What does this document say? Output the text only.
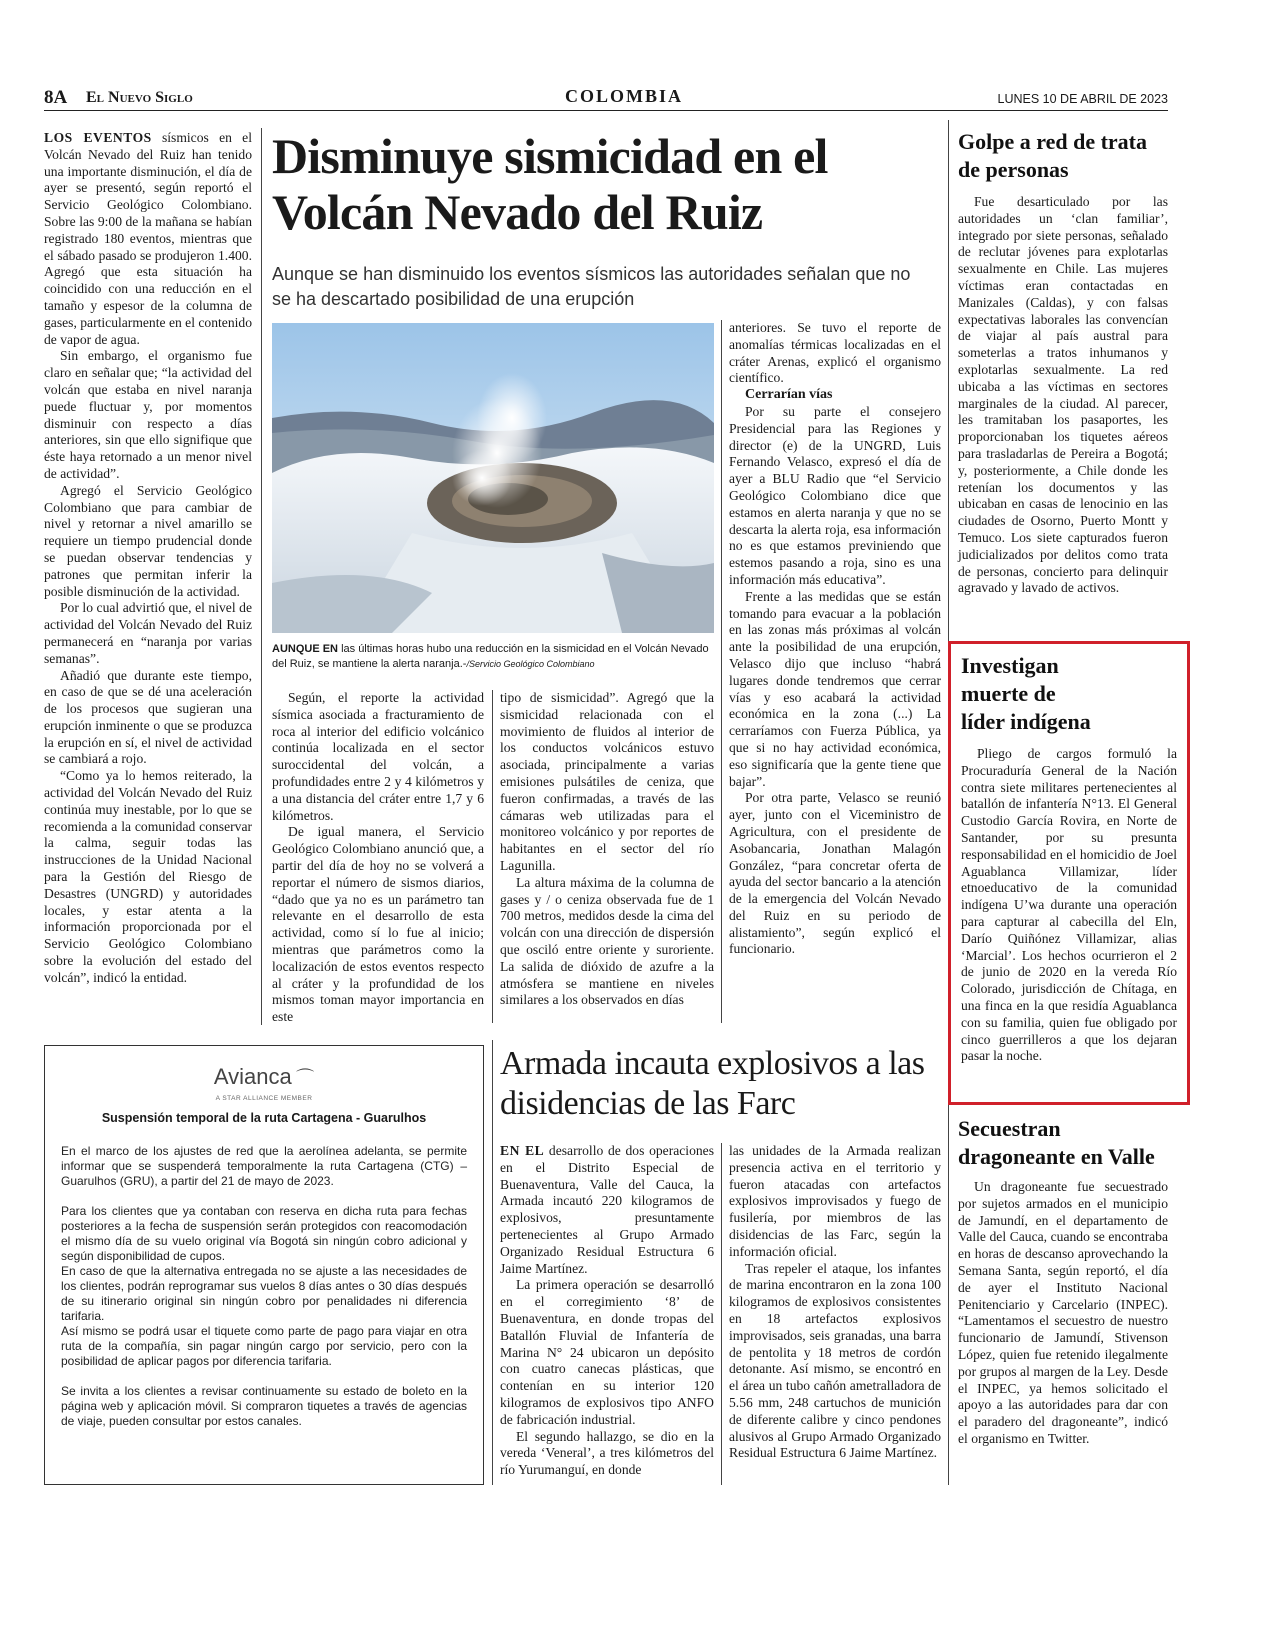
8A El Nuevo Siglo	COLOMBIA	LUNES 10 DE ABRIL DE 2023

LOS EVENTOS sísmicos en el Volcán Nevado del Ruiz han tenido una importante disminución, el día de ayer se presentó, según reportó el Servicio Geológico Colombiano. Sobre las 9:00 de la mañana se habían registrado 180 eventos, mientras que el sábado pasado se produjeron 1.400. Agregó que esta situación ha coincidido con una reducción en el tamaño y espesor de la columna de gases, particularmente en el contenido de vapor de agua.

Sin embargo, el organismo fue claro en señalar que; “la actividad del volcán que estaba en nivel naranja puede fluctuar y, por momentos disminuir con respecto a días anteriores, sin que ello signifique que éste haya retornado a un menor nivel de actividad”.

Agregó el Servicio Geológico Colombiano que para cambiar de nivel y retornar a nivel amarillo se requiere un tiempo prudencial donde se puedan observar tendencias y patrones que permitan inferir la posible disminución de la actividad.

Por lo cual advirtió que, el nivel de actividad del Volcán Nevado del Ruiz permanecerá en “naranja por varias semanas”.

Añadió que durante este tiempo, en caso de que se dé una aceleración de los procesos que sugieran una erupción inminente o que se produzca la erupción en sí, el nivel de actividad se cambiará a rojo.

“Como ya lo hemos reiterado, la actividad del Volcán Nevado del Ruiz continúa muy inestable, por lo que se recomienda a la comunidad conservar la calma, seguir todas las instrucciones de la Unidad Nacional para la Gestión del Riesgo de Desastres (UNGRD) y autoridades locales, y estar atenta a la información proporcionada por el Servicio Geológico Colombiano sobre la evolución del estado del volcán”, indicó la entidad.

Disminuye sismicidad en el Volcán Nevado del Ruiz
Aunque se han disminuido los eventos sísmicos las autoridades señalan que no se ha descartado posibilidad de una erupción
AUNQUE EN las últimas horas hubo una reducción en la sismicidad en el Volcán Nevado del Ruiz, se mantiene la alerta naranja.-/Servicio Geológico Colombiano

Según, el reporte la actividad sísmica asociada a fracturamiento de roca al interior del edificio volcánico continúa localizada en el sector suroccidental del volcán, a profundidades entre 2 y 4 kilómetros y a una distancia del cráter entre 1,7 y 6 kilómetros.

De igual manera, el Servicio Geológico Colombiano anunció que, a partir del día de hoy no se volverá a reportar el número de sismos diarios, “dado que ya no es un parámetro tan relevante en el desarrollo de esta actividad, como sí lo fue al inicio; mientras que parámetros como la localización de estos eventos respecto al cráter y la profundidad de los mismos toman mayor importancia en este

tipo de sismicidad”. Agregó que la sismicidad relacionada con el movimiento de fluidos al interior de los conductos volcánicos estuvo asociada, principalmente a varias emisiones pulsátiles de ceniza, que fueron confirmadas, a través de las cámaras web utilizadas para el monitoreo volcánico y por reportes de habitantes en el sector del río Lagunilla.

La altura máxima de la columna de gases y / o ceniza observada fue de 1 700 metros, medidos desde la cima del volcán con una dirección de dispersión que osciló entre oriente y suroriente. La salida de dióxido de azufre a la atmósfera se mantiene en niveles similares a los observados en días

anteriores. Se tuvo el reporte de anomalías térmicas localizadas en el cráter Arenas, explicó el organismo científico.

Cerrarían vías

Por su parte el consejero Presidencial para las Regiones y director (e) de la UNGRD, Luis Fernando Velasco, expresó el día de ayer a BLU Radio que “el Servicio Geológico Colombiano dice que estamos en alerta naranja y que no se descarta la alerta roja, esa información no es que estamos previniendo que estemos pasando a roja, sino es una información más educativa”.

Frente a las medidas que se están tomando para evacuar a la población en las zonas más próximas al volcán ante la posibilidad de una erupción, Velasco dijo que incluso “habrá lugares donde tendremos que cerrar vías y eso acabará la actividad económica en la zona (...) La cerraríamos con Fuerza Pública, ya que si no hay actividad económica, eso significaría que la gente tiene que bajar”.

Por otra parte, Velasco se reunió ayer, junto con el Viceministro de Agricultura, con el presidente de Asobancaria, Jonathan Malagón González, “para concretar oferta de ayuda del sector bancario a la atención de la emergencia del Volcán Nevado del Ruiz en su periodo de alistamiento”, según explicó el funcionario.

Avianca ⌒
A STAR ALLIANCE MEMBER
Suspensión temporal de la ruta Cartagena - Guarulhos

En el marco de los ajustes de red que la aerolínea adelanta, se permite informar que se suspenderá temporalmente la ruta Cartagena (CTG) – Guarulhos (GRU), a partir del 21 de mayo de 2023.

Para los clientes que ya contaban con reserva en dicha ruta para fechas posteriores a la fecha de suspensión serán protegidos con reacomodación el mismo día de su vuelo original vía Bogotá sin ningún cobro adicional y según disponibilidad de cupos.

En caso de que la alternativa entregada no se ajuste a las necesidades de los clientes, podrán reprogramar sus vuelos 8 días antes o 30 días después de su itinerario original sin ningún cobro por penalidades ni diferencia tarifaria.

Así mismo se podrá usar el tiquete como parte de pago para viajar en otra ruta de la compañía, sin pagar ningún cargo por servicio, pero con la posibilidad de aplicar pagos por diferencia tarifaria.

Se invita a los clientes a revisar continuamente su estado de boleto en la página web y aplicación móvil. Si compraron tiquetes a través de agencias de viaje, pueden consultar por estos canales.

Armada incauta explosivos a las disidencias de las Farc

EN EL desarrollo de dos operaciones en el Distrito Especial de Buenaventura, Valle del Cauca, la Armada incautó 220 kilogramos de explosivos, presuntamente pertenecientes al Grupo Armado Organizado Residual Estructura 6 Jaime Martínez.

La primera operación se desarrolló en el corregimiento ‘8’ de Buenaventura, en donde tropas del Batallón Fluvial de Infantería de Marina N° 24 ubicaron un depósito con cuatro canecas plásticas, que contenían en su interior 120 kilogramos de explosivos tipo ANFO de fabricación industrial.

El segundo hallazgo, se dio en la vereda ‘Veneral’, a tres kilómetros del río Yurumanguí, en donde

las unidades de la Armada realizan presencia activa en el territorio y fueron atacadas con artefactos explosivos improvisados y fuego de fusilería, por miembros de las disidencias de las Farc, según la información oficial.

Tras repeler el ataque, los infantes de marina encontraron en la zona 100 kilogramos de explosivos consistentes en 18 artefactos explosivos improvisados, seis granadas, una barra de pentolita y 18 metros de cordón detonante. Así mismo, se encontró en el área un tubo cañón ametralladora de 5.56 mm, 248 cartuchos de munición de diferente calibre y cinco pendones alusivos al Grupo Armado Organizado Residual Estructura 6 Jaime Martínez.

Golpe a red de trata de personas

Fue desarticulado por las autoridades un ‘clan familiar’, integrado por siete personas, señalado de reclutar jóvenes para explotarlas sexualmente en Chile. Las mujeres víctimas eran contactadas en Manizales (Caldas), y con falsas expectativas laborales las convencían de viajar al país austral para someterlas a tratos inhumanos y explotarlas sexualmente. La red ubicaba a las víctimas en sectores marginales de la ciudad. Al parecer, les tramitaban los pasaportes, les proporcionaban los tiquetes aéreos para trasladarlas de Pereira a Bogotá; y, posteriormente, a Chile donde les retenían los documentos y las ubicaban en casas de lenocinio en las ciudades de Osorno, Puerto Montt y Temuco. Los siete capturados fueron judicializados por delitos como trata de personas, concierto para delinquir agravado y lavado de activos.

Investigan
muerte de
líder indígena

Pliego de cargos formuló la Procuraduría General de la Nación contra siete militares pertenecientes al batallón de infantería N°13. El General Custodio García Rovira, en Norte de Santander, por su presunta responsabilidad en el homicidio de Joel Aguablanca Villamizar, líder etnoeducativo de la comunidad indígena U’wa durante una operación para capturar al cabecilla del Eln, Darío Quiñónez Villamizar, alias ‘Marcial’. Los hechos ocurrieron el 2 de junio de 2020 en la vereda Río Colorado, jurisdicción de Chítaga, en una finca en la que residía Aguablanca con su familia, quien fue obligado por cinco guerrilleros a que los dejaran pasar la noche.

Secuestran dragoneante en Valle

Un dragoneante fue secuestrado por sujetos armados en el municipio de Jamundí, en el departamento de Valle del Cauca, cuando se encontraba en horas de descanso aprovechando la Semana Santa, según reportó, el día de ayer el Instituto Nacional Penitenciario y Carcelario (INPEC). “Lamentamos el secuestro de nuestro funcionario de Jamundí, Stivenson López, quien fue retenido ilegalmente por grupos al margen de la Ley. Desde el INPEC, ya hemos solicitado el apoyo a las autoridades para dar con el paradero del dragoneante”, indicó el organismo en Twitter.
